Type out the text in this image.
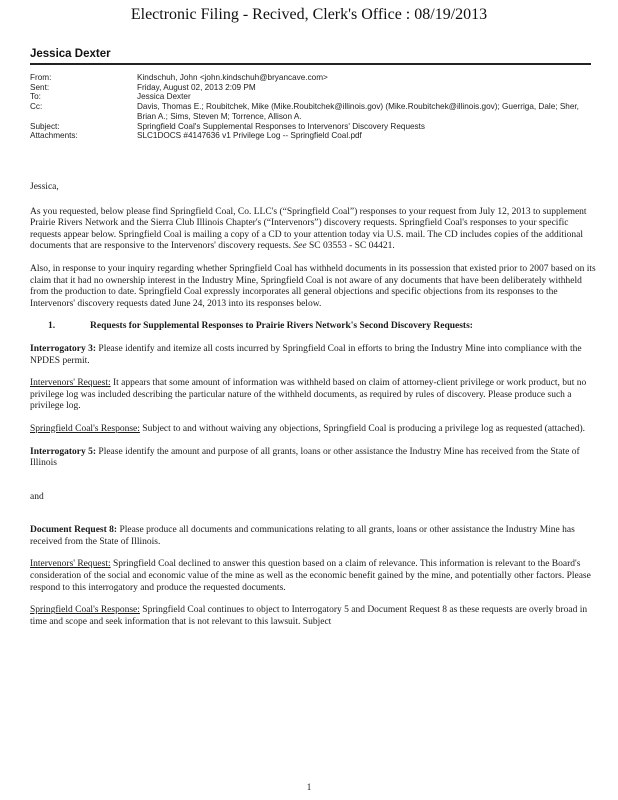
Electronic Filing - Recived, Clerk's Office : 08/19/2013
Jessica Dexter
From:	Kindschuh, John <john.kindschuh@bryancave.com>
Sent:	Friday, August 02, 2013 2:09 PM
To:	Jessica Dexter
Cc:	Davis, Thomas E.; Roubitchek, Mike (Mike.Roubitchek@illinois.gov) (Mike.Roubitchek@illinois.gov); Guerriga, Dale; Sher, Brian A.; Sims, Steven M; Torrence, Allison A.
Subject:	Springfield Coal's Supplemental Responses to Intervenors' Discovery Requests
Attachments:	SLC1DOCS #4147636 v1 Privilege Log -- Springfield Coal.pdf

Jessica,

As you requested, below please find Springfield Coal, Co. LLC's (“Springfield Coal”) responses to your request from July 12, 2013 to supplement Prairie Rivers Network and the Sierra Club Illinois Chapter's (“Intervenors”) discovery requests. Springfield Coal's responses to your specific requests appear below. Springfield Coal is mailing a copy of a CD to your attention today via U.S. mail. The CD includes copies of the additional documents that are responsive to the Intervenors' discovery requests. See SC 03553 - SC 04421.

Also, in response to your inquiry regarding whether Springfield Coal has withheld documents in its possession that existed prior to 2007 based on its claim that it had no ownership interest in the Industry Mine, Springfield Coal is not aware of any documents that have been deliberately withheld from the production to date. Springfield Coal expressly incorporates all general objections and specific objections from its responses to the Intervenors' discovery requests dated June 24, 2013 into its responses below.

1.	Requests for Supplemental Responses to Prairie Rivers Network's Second Discovery Requests:

Interrogatory 3: Please identify and itemize all costs incurred by Springfield Coal in efforts to bring the Industry Mine into compliance with the NPDES permit.

Intervenors' Request: It appears that some amount of information was withheld based on claim of attorney-client privilege or work product, but no privilege log was included describing the particular nature of the withheld documents, as required by rules of discovery. Please produce such a privilege log.

Springfield Coal's Response: Subject to and without waiving any objections, Springfield Coal is producing a privilege log as requested (attached).

Interrogatory 5: Please identify the amount and purpose of all grants, loans or other assistance the Industry Mine has received from the State of Illinois

and

Document Request 8: Please produce all documents and communications relating to all grants, loans or other assistance the Industry Mine has received from the State of Illinois.

Intervenors' Request: Springfield Coal declined to answer this question based on a claim of relevance. This information is relevant to the Board's consideration of the social and economic value of the mine as well as the economic benefit gained by the mine, and potentially other factors. Please respond to this interrogatory and produce the requested documents.

Springfield Coal's Response: Springfield Coal continues to object to Interrogatory 5 and Document Request 8 as these requests are overly broad in time and scope and seek information that is not relevant to this lawsuit. Subject

1
